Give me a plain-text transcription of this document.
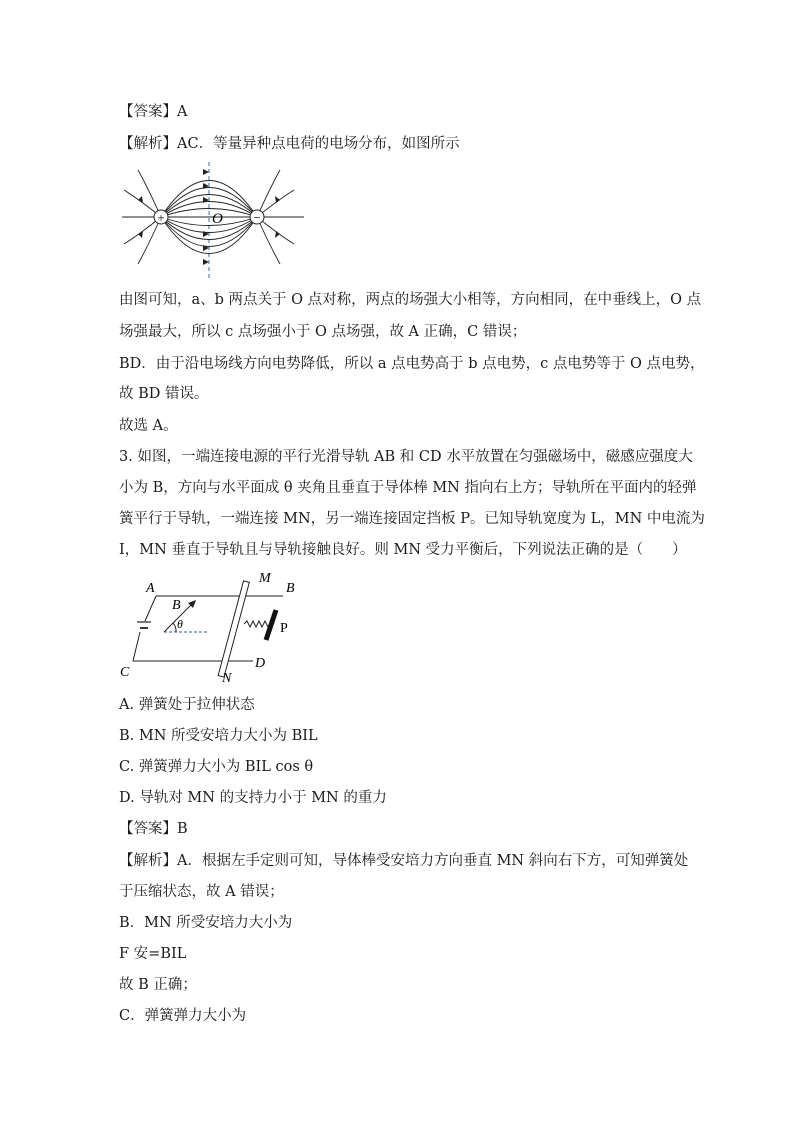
【答案】A
【解析】AC．等量异种点电荷的电场分布，如图所示
+	−
O
由图可知，a、b 两点关于 O 点对称，两点的场强大小相等，方向相同，在中垂线上，O 点
场强最大，所以 c 点场强小于 O 点场强，故 A 正确，C 错误；
BD．由于沿电场线方向电势降低，所以 a 点电势高于 b 点电势，c 点电势等于 O 点电势，
故 BD 错误。
故选 A。
3. 如图，一端连接电源的平行光滑导轨 AB 和 CD 水平放置在匀强磁场中，磁感应强度大
小为 B，方向与水平面成 θ 夹角且垂直于导体棒 MN 指向右上方；导轨所在平面内的轻弹
簧平行于导轨，一端连接 MN，另一端连接固定挡板 P。已知导轨宽度为 L，MN 中电流为
I，MN 垂直于导轨且与导轨接触良好。则 MN 受力平衡后，下列说法正确的是（　　）
A	B
C
D
M
N
P
B
θ
A. 弹簧处于拉伸状态
B. MN 所受安培力大小为 BIL
C. 弹簧弹力大小为 BIL cos θ
D. 导轨对 MN 的支持力小于 MN 的重力
【答案】B
【解析】A．根据左手定则可知，导体棒受安培力方向垂直 MN 斜向右下方，可知弹簧处
于压缩状态，故 A 错误；
B．MN 所受安培力大小为
F 安=BIL
故 B 正确；
C．弹簧弹力大小为
